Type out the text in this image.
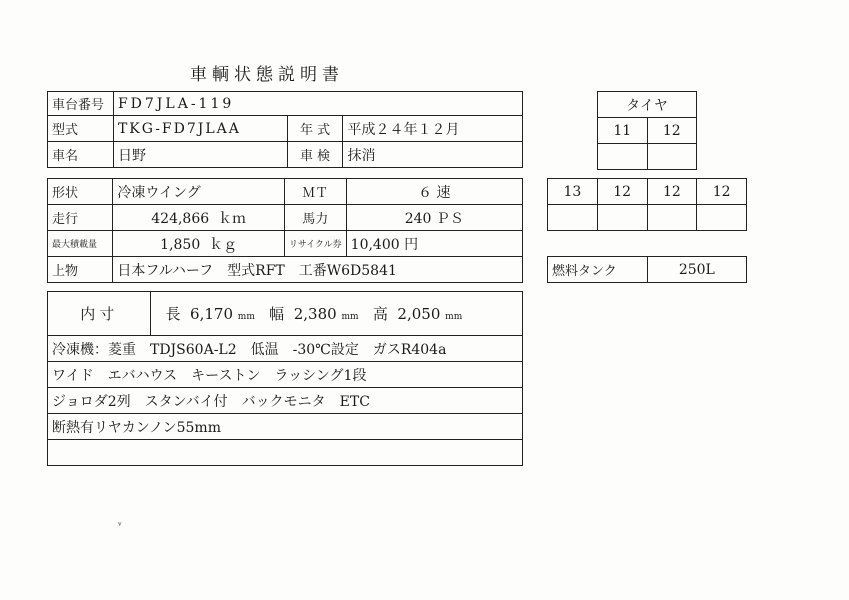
車輌状態説明書
車台番号	FD7JLA-119		
型式	TKG-FD7JLAA	年 式	平成２４年１２月
車名	日野	車 検	抹消
形状	冷凍ウイング	ＭＴ	６ 速
走行	424,866 ｋｍ	馬力	240 ＰＳ
最大積載量	1,850 ｋｇ	リサイクル券	10,400 円
上物	日本フルハーフ　型式RFT　工番W6D5841		
内寸	長 6,170 mm 幅 2,380 mm 高 2,050 mm
冷凍機：菱重　TDJS60A-L2　低温　-30℃設定　ガスR404a
ワイド　エバハウス　キーストン　ラッシング1段
ジョロダ2列　スタンバイ付　バックモニタ　ETC
断熱有リヤカンノン55mm

タイヤ	
11	12

13	12	12	12

燃料タンク	250L
ᵛ
